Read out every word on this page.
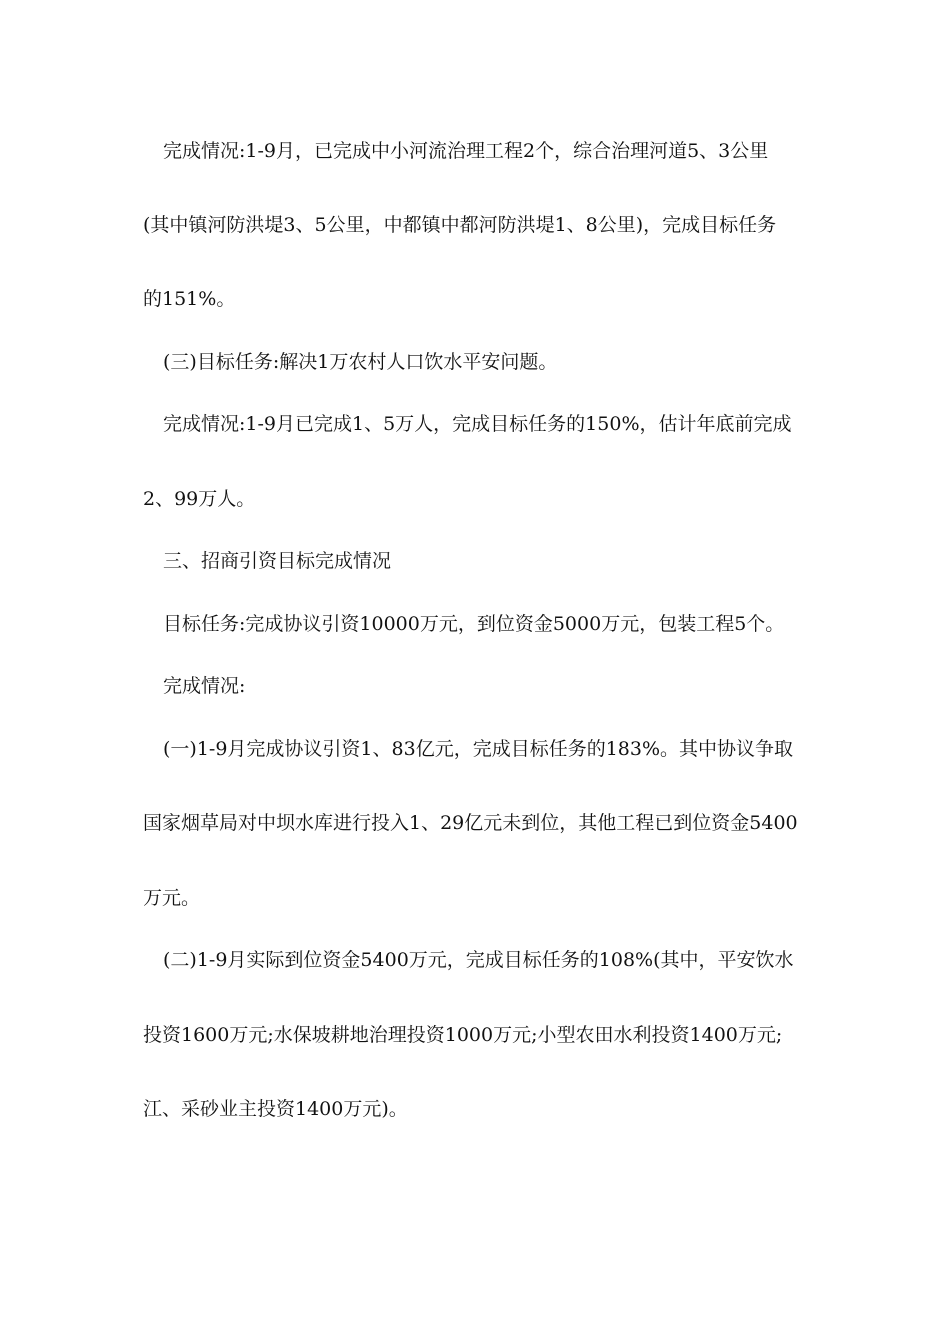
完成情况:1-9月，已完成中小河流治理工程2个，综合治理河道5、3公里
(其中镇河防洪堤3、5公里，中都镇中都河防洪堤1、8公里)，完成目标任务
的151%。
(三)目标任务:解决1万农村人口饮水平安问题。
完成情况:1-9月已完成1、5万人，完成目标任务的150%，估计年底前完成
2、99万人。
三、招商引资目标完成情况
目标任务:完成协议引资10000万元，到位资金5000万元，包装工程5个。
完成情况:
(一)1-9月完成协议引资1、83亿元，完成目标任务的183%。其中协议争取
国家烟草局对中坝水库进行投入1、29亿元未到位，其他工程已到位资金5400
万元。
(二)1-9月实际到位资金5400万元，完成目标任务的108%(其中，平安饮水
投资1600万元;水保坡耕地治理投资1000万元;小型农田水利投资1400万元;
江、采砂业主投资1400万元)。
